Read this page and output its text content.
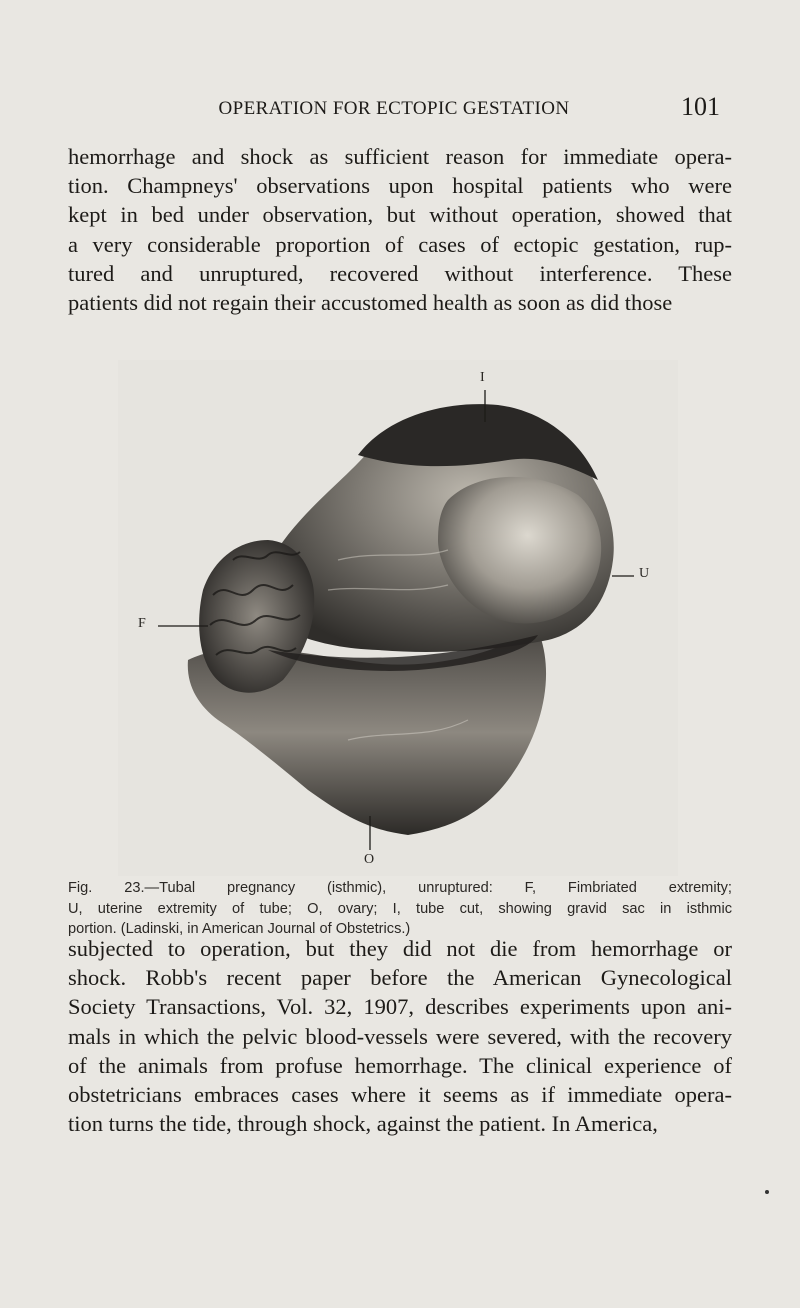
OPERATION FOR ECTOPIC GESTATION	101

hemorrhage and shock as sufficient reason for immediate opera-
tion. Champneys' observations upon hospital patients who were
kept in bed under observation, but without operation, showed that
a very considerable proportion of cases of ectopic gestation, rup-
tured and unruptured, recovered without interference. These
patients did not regain their accustomed health as soon as did those

I
U
F
O
Fig. 23.—Tubal pregnancy (isthmic), unruptured: F, Fimbriated extremity;
U, uterine extremity of tube; O, ovary; I, tube cut, showing gravid sac in isthmic
portion. (Ladinski, in American Journal of Obstetrics.)

subjected to operation, but they did not die from hemorrhage or
shock. Robb's recent paper before the American Gynecological
Society Transactions, Vol. 32, 1907, describes experiments upon ani-
mals in which the pelvic blood-vessels were severed, with the recovery
of the animals from profuse hemorrhage. The clinical experience of
obstetricians embraces cases where it seems as if immediate opera-
tion turns the tide, through shock, against the patient. In America,
